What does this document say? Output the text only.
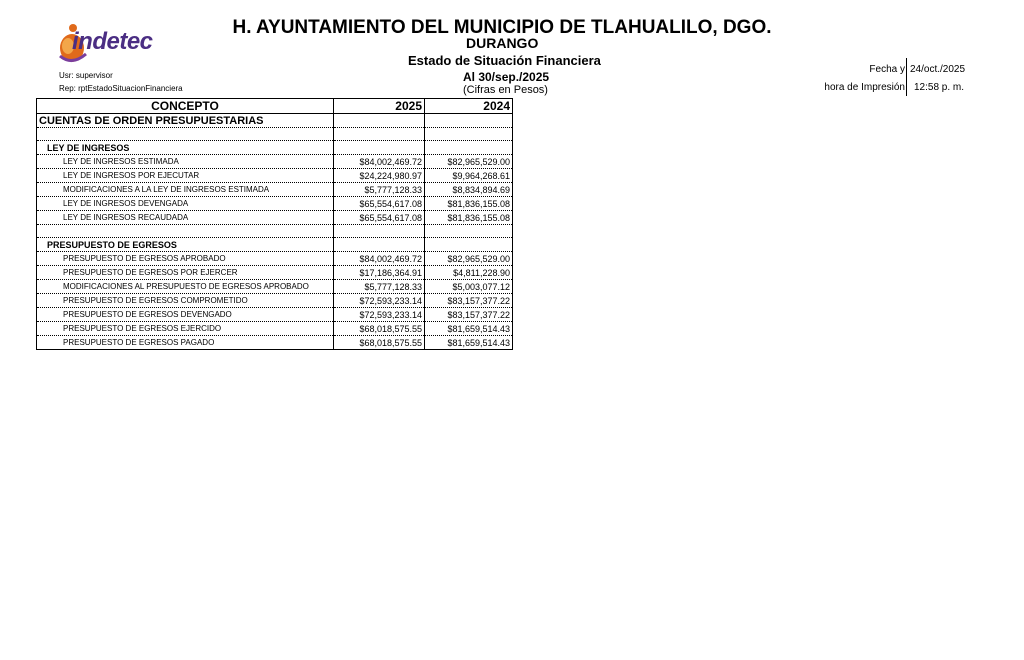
indetec
H. AYUNTAMIENTO DEL MUNICIPIO DE TLAHUALILO, DGO.
DURANGO
Estado de Situación Financiera
Al 30/sep./2025
(Cifras en Pesos)
Usr: supervisor
Rep: rptEstadoSituacionFinanciera
Fecha y
hora de Impresión
24/oct./2025
12:58 p. m.
CONCEPTO	2025	2024
CUENTAS DE ORDEN PRESUPUESTARIAS		

LEY DE INGRESOS		
LEY DE INGRESOS ESTIMADA	$84,002,469.72	$82,965,529.00
LEY DE INGRESOS POR EJECUTAR	$24,224,980.97	$9,964,268.61
MODIFICACIONES A LA LEY DE INGRESOS ESTIMADA	$5,777,128.33	$8,834,894.69
LEY DE INGRESOS DEVENGADA	$65,554,617.08	$81,836,155.08
LEY DE INGRESOS RECAUDADA	$65,554,617.08	$81,836,155.08

PRESUPUESTO DE EGRESOS		
PRESUPUESTO DE EGRESOS APROBADO	$84,002,469.72	$82,965,529.00
PRESUPUESTO DE EGRESOS POR EJERCER	$17,186,364.91	$4,811,228.90
MODIFICACIONES AL PRESUPUESTO DE EGRESOS APROBADO	$5,777,128.33	$5,003,077.12
PRESUPUESTO DE EGRESOS COMPROMETIDO	$72,593,233.14	$83,157,377.22
PRESUPUESTO DE EGRESOS DEVENGADO	$72,593,233.14	$83,157,377.22
PRESUPUESTO DE EGRESOS EJERCIDO	$68,018,575.55	$81,659,514.43
PRESUPUESTO DE EGRESOS PAGADO	$68,018,575.55	$81,659,514.43
